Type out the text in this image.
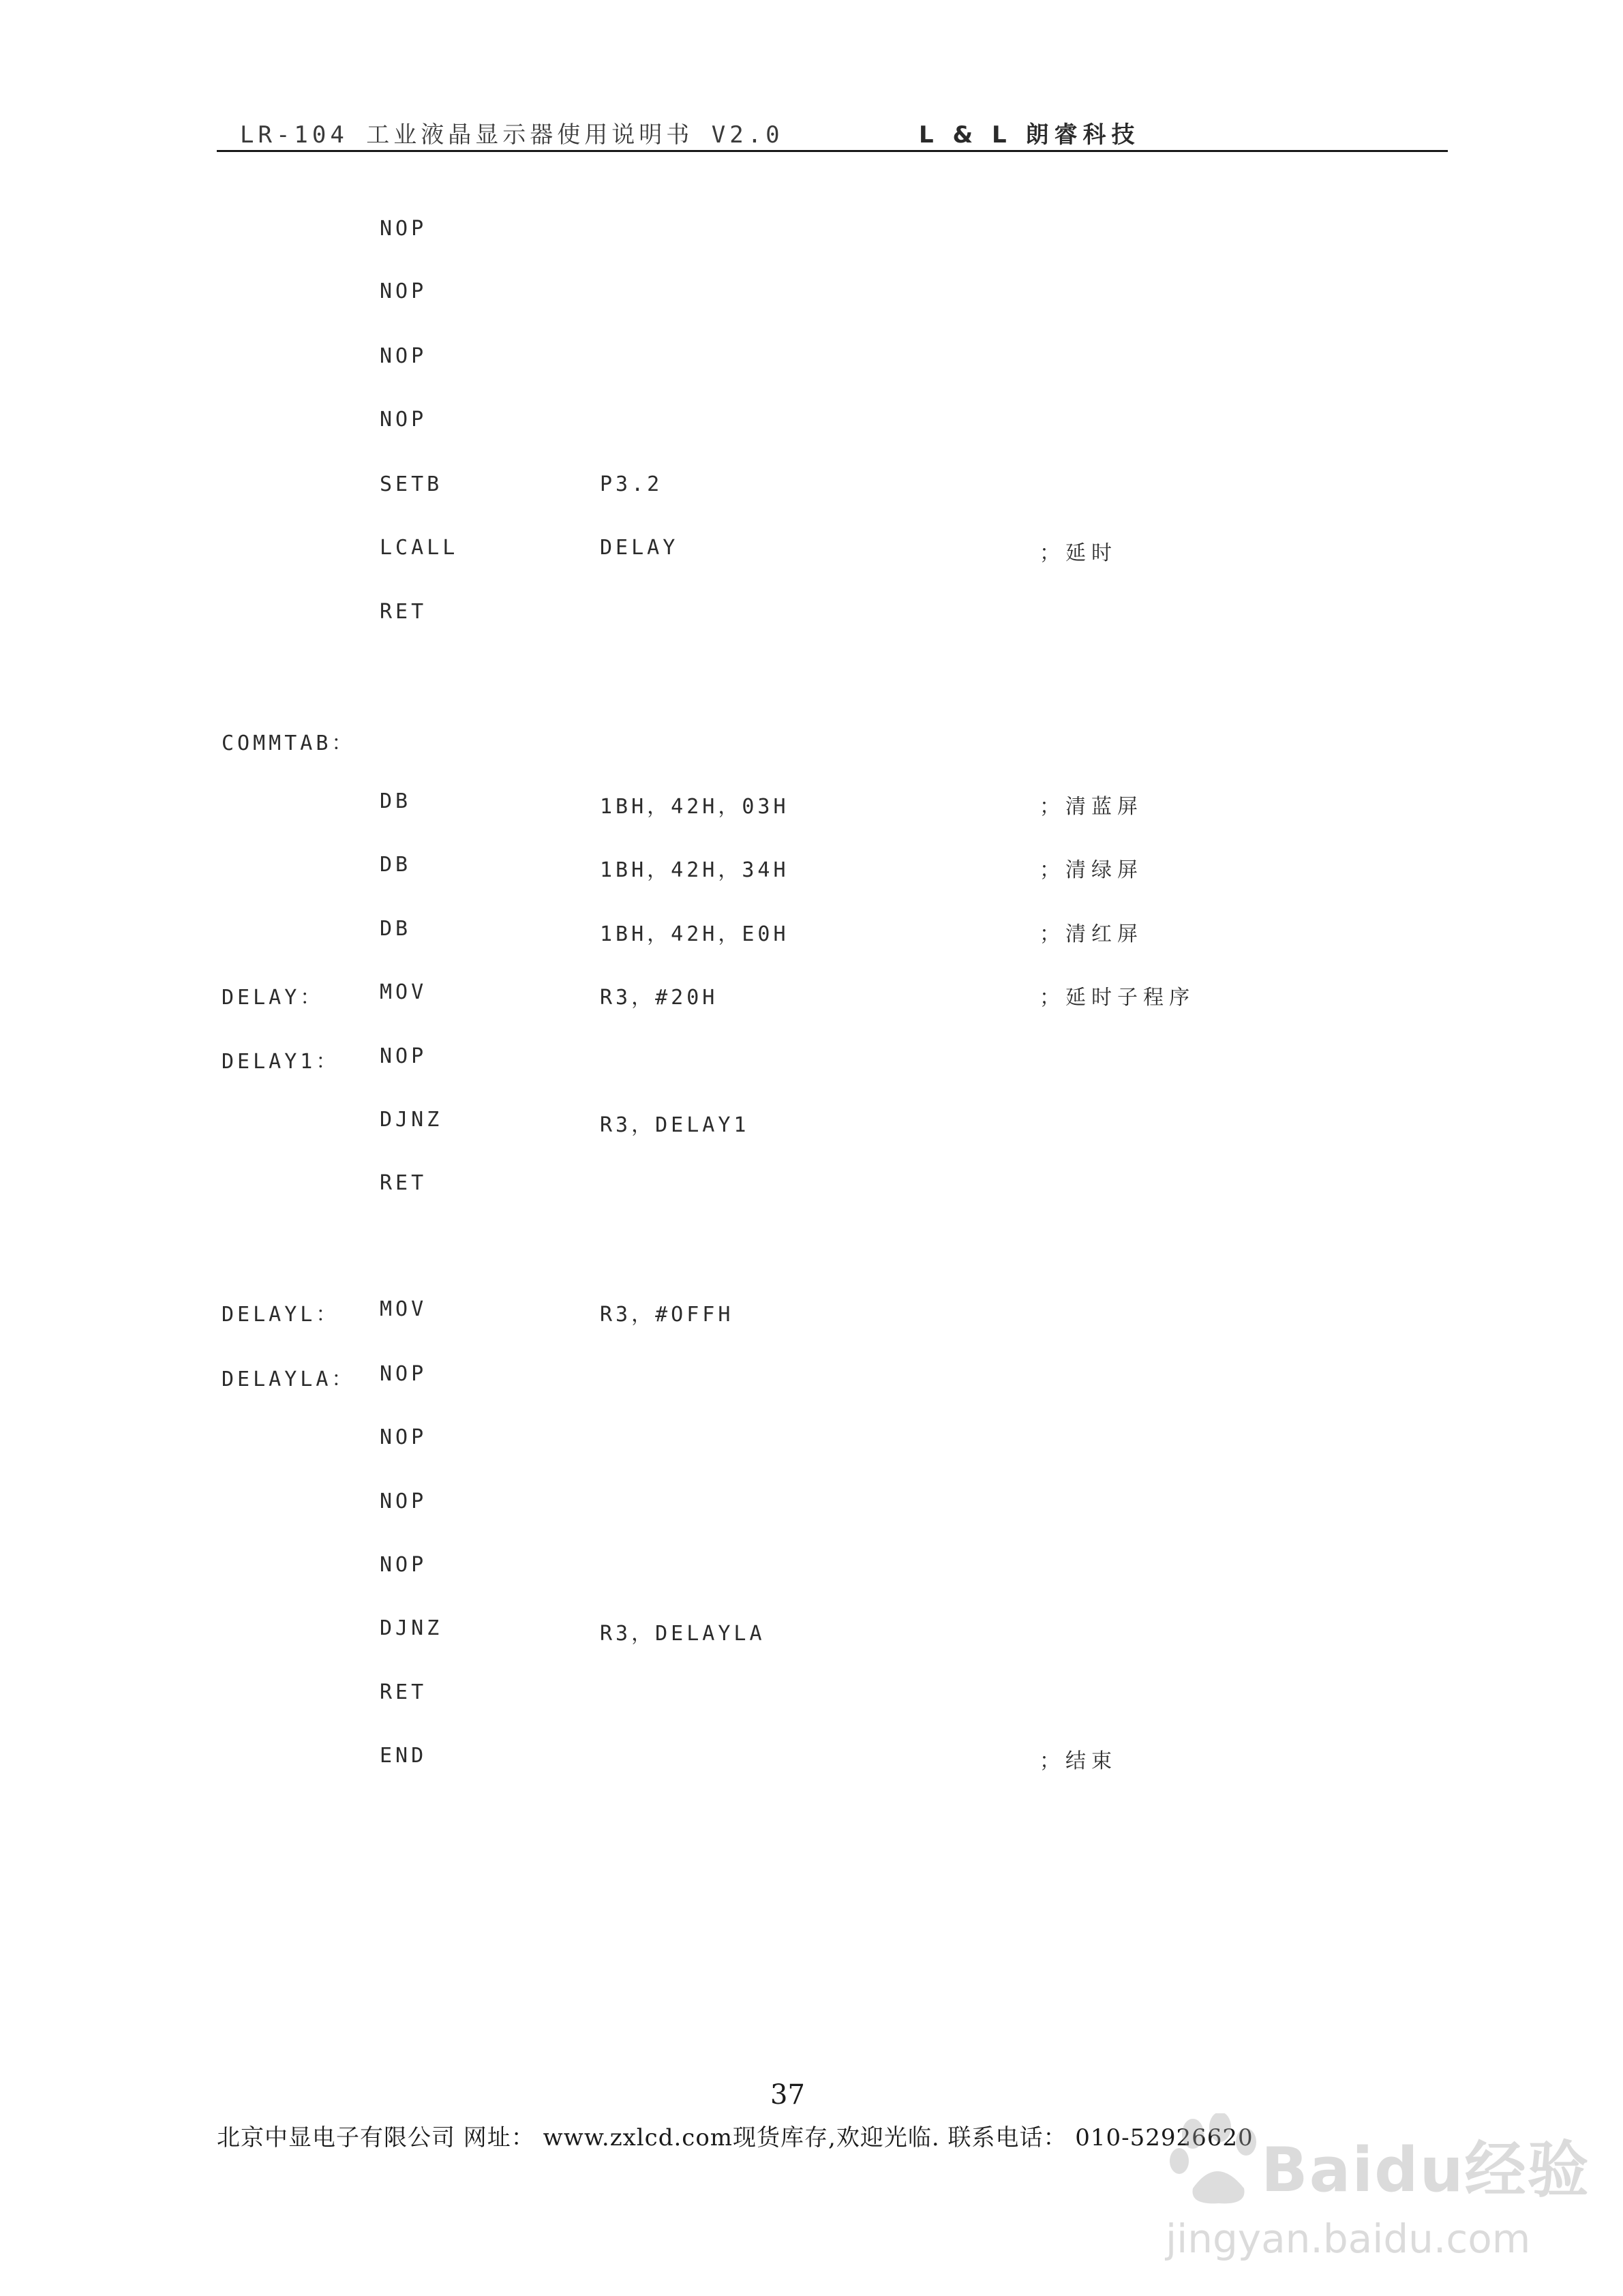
LR-104 工业液晶显示器使用说明书 V2.0	L & L 朗睿科技
NOP
NOP
NOP
NOP
SETB	P3.2
LCALL	DELAY	；延时
RET
COMMTAB：
DB	1BH，42H，03H	；清蓝屏
DB	1BH，42H，34H	；清绿屏
DB	1BH，42H，E0H	；清红屏
DELAY：	MOV	R3，#20H	；延时子程序
DELAY1： NOP
DJNZ	R3，DELAY1
RET
DELAYL： MOV	R3，#OFFH
DELAYLA： NOP
NOP
NOP
NOP
DJNZ	R3，DELAYLA
RET
END	；结束
37
北京中显电子有限公司 网址： www.zxlcd.com现货库存,欢迎光临. 联系电话： 010-52926620 Baidu经验
jingyan.baidu.com
